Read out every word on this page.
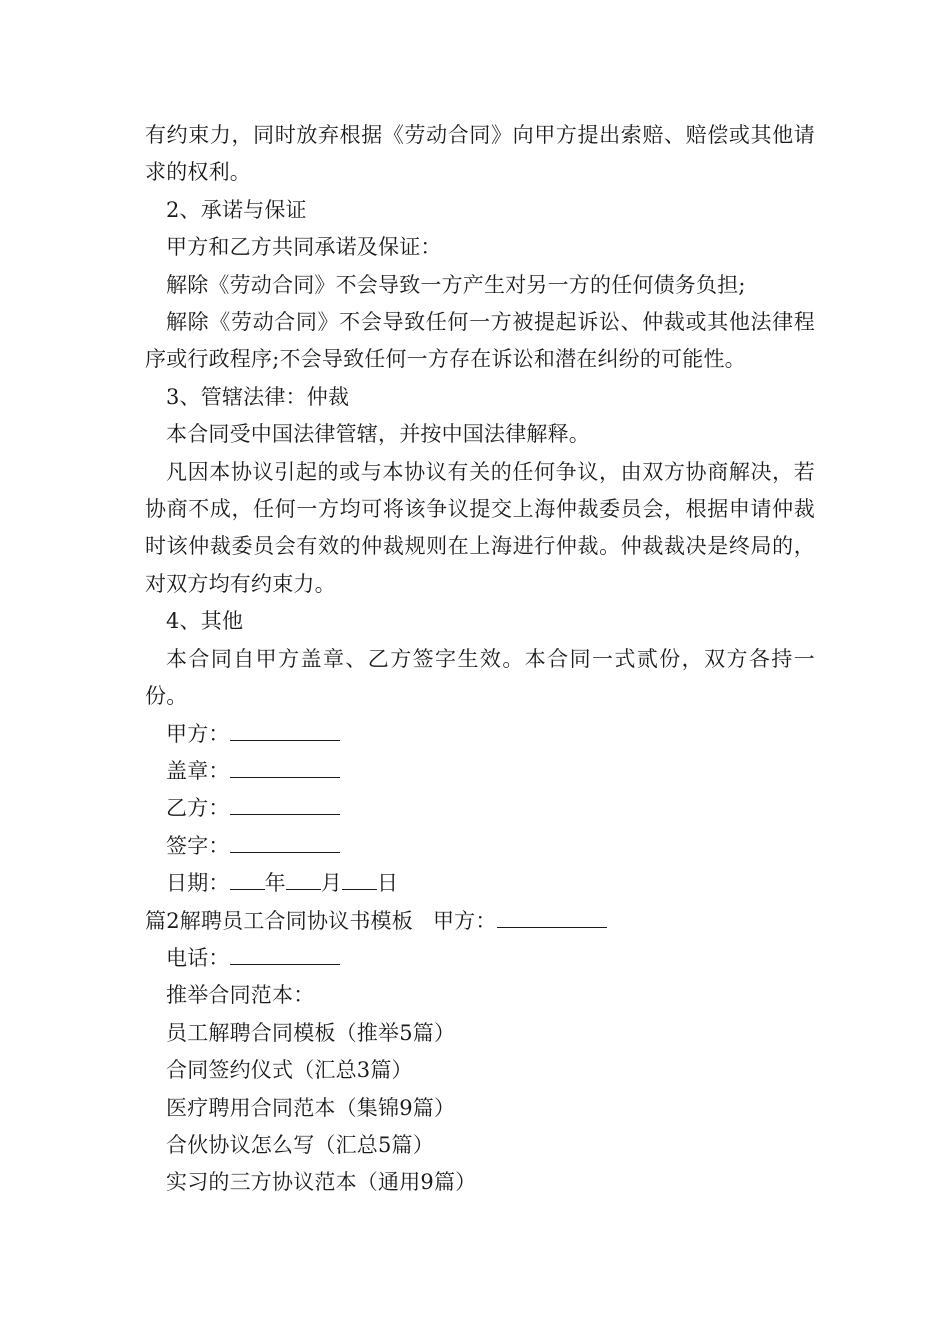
有约束力，同时放弃根据《劳动合同》向甲方提出索赔、赔偿或其他请求的权利。

2、承诺与保证

甲方和乙方共同承诺及保证：

解除《劳动合同》不会导致一方产生对另一方的任何债务负担;

解除《劳动合同》不会导致任何一方被提起诉讼、仲裁或其他法律程序或行政程序;不会导致任何一方存在诉讼和潜在纠纷的可能性。

3、管辖法律：仲裁

本合同受中国法律管辖，并按中国法律解释。

凡因本协议引起的或与本协议有关的任何争议，由双方协商解决，若协商不成，任何一方均可将该争议提交上海仲裁委员会，根据申请仲裁时该仲裁委员会有效的仲裁规则在上海进行仲裁。仲裁裁决是终局的，对双方均有约束力。

4、其他

本合同自甲方盖章、乙方签字生效。本合同一式贰份，双方各持一份。

甲方：

盖章：

乙方：

签字：

日期： 年 月 日

篇2解聘员工合同协议书模板 甲方：

电话：

推举合同范本：

员工解聘合同模板（推举5篇）

合同签约仪式（汇总3篇）

医疗聘用合同范本（集锦9篇）

合伙协议怎么写（汇总5篇）

实习的三方协议范本（通用9篇）
